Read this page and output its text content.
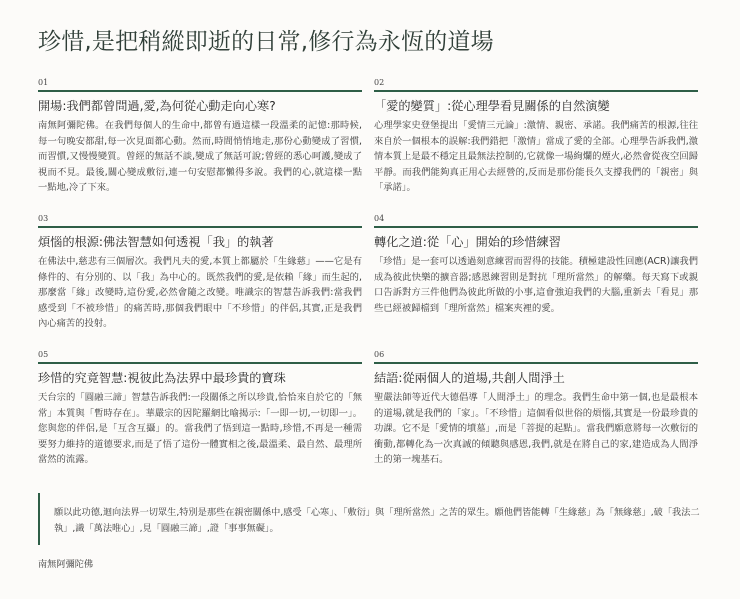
珍惜,是把稍縱即逝的日常,修行為永恆的道場
01
開場:我們都曾問過,愛,為何從心動走向心寒?

南無阿彌陀佛。在我們每個人的生命中,都曾有過這樣一段溫柔的記憶:那時候,每一句晚安都甜,每一次見面都心動。然而,時間悄悄地走,那份心動變成了習慣,而習慣,又慢慢變質。曾經的無話不談,變成了無話可說;曾經的悉心呵護,變成了視而不見。最後,關心變成敷衍,連一句安慰都懶得多說。我們的心,就這樣一點一點地,冷了下來。

02
「愛的變質」:從心理學看見關係的自然演變

心理學家史登堡提出「愛情三元論」:激情、親密、承諾。我們痛苦的根源,往往來自於一個根本的誤解:我們錯把「激情」當成了愛的全部。心理學告訴我們,激情本質上是最不穩定且最無法控制的,它就像一場絢爛的煙火,必然會從夜空回歸平靜。而我們能夠真正用心去經營的,反而是那份能長久支撐我們的「親密」與「承諾」。

03
煩惱的根源:佛法智慧如何透視「我」的執著

在佛法中,慈悲有三個層次。我們凡夫的愛,本質上都屬於「生緣慈」——它是有條件的、有分別的、以「我」為中心的。既然我們的愛,是依賴「緣」而生起的,那麼當「緣」改變時,這份愛,必然會隨之改變。唯識宗的智慧告訴我們:當我們感受到「不被珍惜」的痛苦時,那個我們眼中「不珍惜」的伴侶,其實,正是我們內心痛苦的投射。

04
轉化之道:從「心」開始的珍惜練習

「珍惜」是一套可以透過刻意練習而習得的技能。積極建設性回應(ACR)讓我們成為彼此快樂的擴音器;感恩練習則是對抗「理所當然」的解藥。每天寫下或親口告訴對方三件他們為彼此所做的小事,這會強迫我們的大腦,重新去「看見」那些已經被歸檔到「理所當然」檔案夾裡的愛。

05
珍惜的究竟智慧:視彼此為法界中最珍貴的寶珠

天台宗的「圓融三諦」智慧告訴我們:一段關係之所以珍貴,恰恰來自於它的「無常」本質與「暫時存在」。華嚴宗的因陀羅網比喻揭示:「一即一切,一切即一」。您與您的伴侶,是「互含互攝」的。當我們了悟到這一點時,珍惜,不再是一種需要努力維持的道德要求,而是了悟了這份一體實相之後,最溫柔、最自然、最理所當然的流露。

06
結語:從兩個人的道場,共創人間淨土

聖嚴法師等近代大德倡導「人間淨土」的理念。我們生命中第一個,也是最根本的道場,就是我們的「家」。「不珍惜」這個看似世俗的煩惱,其實是一份最珍貴的功課。它不是「愛情的墳墓」,而是「菩提的起點」。當我們願意將每一次敷衍的衝動,都轉化為一次真誠的傾聽與感恩,我們,就是在將自己的家,建造成為人間淨土的第一塊基石。

願以此功德,迴向法界一切眾生,特別是那些在親密關係中,感受「心寒」、「敷衍」與「理所當然」之苦的眾生。願他們皆能轉「生緣慈」為「無緣慈」,破「我法二執」,識「萬法唯心」,見「圓融三諦」,證「事事無礙」。

南無阿彌陀佛
